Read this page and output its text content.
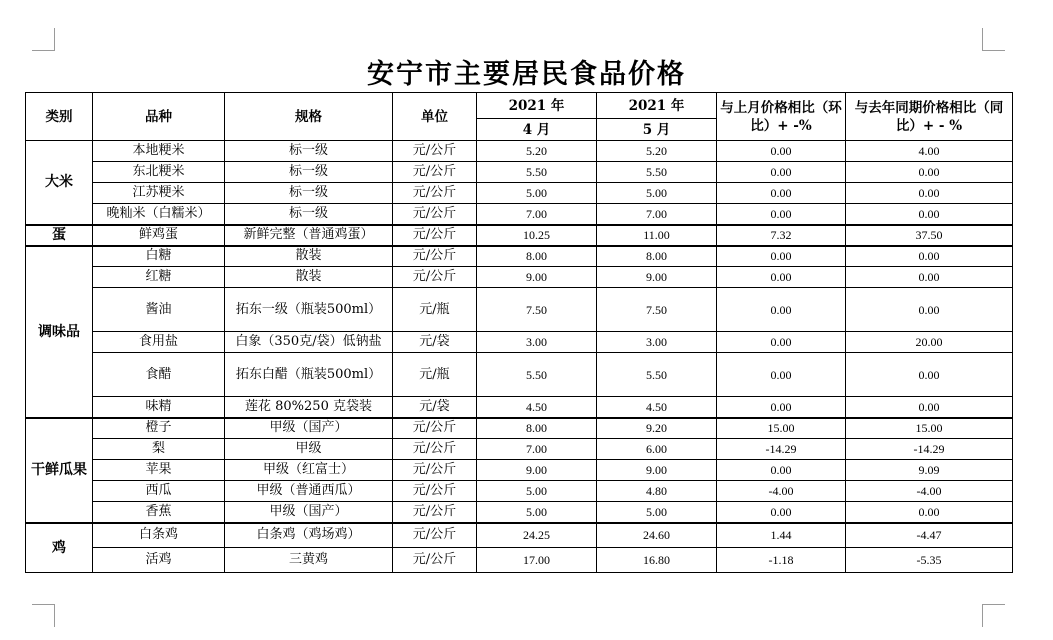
安宁市主要居民食品价格
类别	品种	规格	单位	2021 年	2021 年	与上月价格相比（环比）+ -%	与去年同期价格相比（同比）+ - %
				4 月	5 月		
大米	本地粳米	标一级	元/公斤	5.20	5.20	0.00	4.00
	东北粳米	标一级	元/公斤	5.50	5.50	0.00	0.00
	江苏粳米	标一级	元/公斤	5.00	5.00	0.00	0.00
	晚籼米（白糯米）	标一级	元/公斤	7.00	7.00	0.00	0.00
蛋	鲜鸡蛋	新鲜完整（普通鸡蛋）	元/公斤	10.25	11.00	7.32	37.50
调味品	白糖	散装	元/公斤	8.00	8.00	0.00	0.00
	红糖	散装	元/公斤	9.00	9.00	0.00	0.00
	酱油	拓东一级（瓶装500ml）	元/瓶	7.50	7.50	0.00	0.00
	食用盐	白象（350克/袋）低钠盐	元/袋	3.00	3.00	0.00	20.00
	食醋	拓东白醋（瓶装500ml）	元/瓶	5.50	5.50	0.00	0.00
	味精	莲花 80%250 克袋装	元/袋	4.50	4.50	0.00	0.00
干鲜瓜果	橙子	甲级（国产）	元/公斤	8.00	9.20	15.00	15.00
	梨	甲级	元/公斤	7.00	6.00	-14.29	-14.29
	苹果	甲级（红富士）	元/公斤	9.00	9.00	0.00	9.09
	西瓜	甲级（普通西瓜）	元/公斤	5.00	4.80	-4.00	-4.00
	香蕉	甲级（国产）	元/公斤	5.00	5.00	0.00	0.00
鸡	白条鸡	白条鸡（鸡场鸡）	元/公斤	24.25	24.60	1.44	-4.47
	活鸡	三黄鸡	元/公斤	17.00	16.80	-1.18	-5.35
